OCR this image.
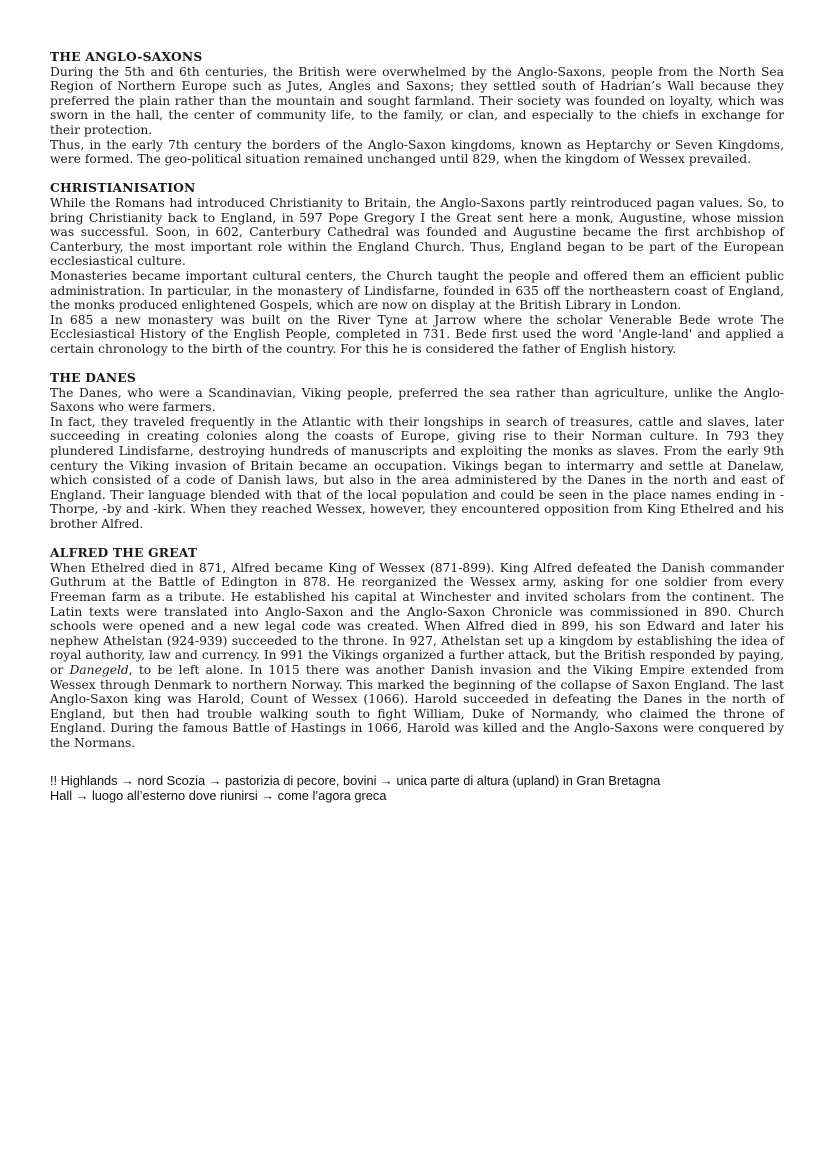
THE ANGLO-SAXONS

During the 5th and 6th centuries, the British were overwhelmed by the Anglo-Saxons, people from the North Sea Region of Northern Europe such as Jutes, Angles and Saxons; they settled south of Hadrian’s Wall because they preferred the plain rather than the mountain and sought farmland. Their society was founded on loyalty, which was sworn in the hall, the center of community life, to the family, or clan, and especially to the chiefs in exchange for their protection.

Thus, in the early 7th century the borders of the Anglo-Saxon kingdoms, known as Heptarchy or Seven Kingdoms, were formed. The geo-political situation remained unchanged until 829, when the kingdom of Wessex prevailed.

CHRISTIANISATION

While the Romans had introduced Christianity to Britain, the Anglo-Saxons partly reintroduced pagan values. So, to bring Christianity back to England, in 597 Pope Gregory I the Great sent here a monk, Augustine, whose mission was successful. Soon, in 602, Canterbury Cathedral was founded and Augustine became the first archbishop of Canterbury, the most important role within the England Church. Thus, England began to be part of the European ecclesiastical culture.

Monasteries became important cultural centers, the Church taught the people and offered them an efficient public administration. In particular, in the monastery of Lindisfarne, founded in 635 off the northeastern coast of England, the monks produced enlightened Gospels, which are now on display at the British Library in London.

In 685 a new monastery was built on the River Tyne at Jarrow where the scholar Venerable Bede wrote The Ecclesiastical History of the English People, completed in 731. Bede first used the word 'Angle-land' and applied a certain chronology to the birth of the country. For this he is considered the father of English history.

THE DANES

The Danes, who were a Scandinavian, Viking people, preferred the sea rather than agriculture, unlike the Anglo-Saxons who were farmers.

In fact, they traveled frequently in the Atlantic with their longships in search of treasures, cattle and slaves, later succeeding in creating colonies along the coasts of Europe, giving rise to their Norman culture. In 793 they plundered Lindisfarne, destroying hundreds of manuscripts and exploiting the monks as slaves. From the early 9th century the Viking invasion of Britain became an occupation. Vikings began to intermarry and settle at Danelaw, which consisted of a code of Danish laws, but also in the area administered by the Danes in the north and east of England. Their language blended with that of the local population and could be seen in the place names ending in -Thorpe, -by and -kirk. When they reached Wessex, however, they encountered opposition from King Ethelred and his brother Alfred.

ALFRED THE GREAT

When Ethelred died in 871, Alfred became King of Wessex (871-899). King Alfred defeated the Danish commander Guthrum at the Battle of Edington in 878. He reorganized the Wessex army, asking for one soldier from every Freeman farm as a tribute. He established his capital at Winchester and invited scholars from the continent. The Latin texts were translated into Anglo-Saxon and the Anglo-Saxon Chronicle was commissioned in 890. Church schools were opened and a new legal code was created. When Alfred died in 899, his son Edward and later his nephew Athelstan (924-939) succeeded to the throne. In 927, Athelstan set up a kingdom by establishing the idea of royal authority, law and currency. In 991 the Vikings organized a further attack, but the British responded by paying, or Danegeld, to be left alone. In 1015 there was another Danish invasion and the Viking Empire extended from Wessex through Denmark to northern Norway. This marked the beginning of the collapse of Saxon England. The last Anglo-Saxon king was Harold, Count of Wessex (1066). Harold succeeded in defeating the Danes in the north of England, but then had trouble walking south to fight William, Duke of Normandy, who claimed the throne of England. During the famous Battle of Hastings in 1066, Harold was killed and the Anglo-Saxons were conquered by the Normans.

!! Highlands → nord Scozia → pastorizia di pecore, bovini → unica parte di altura (upland) in Gran Bretagna

Hall → luogo all’esterno dove riunirsi → come l’agora greca
